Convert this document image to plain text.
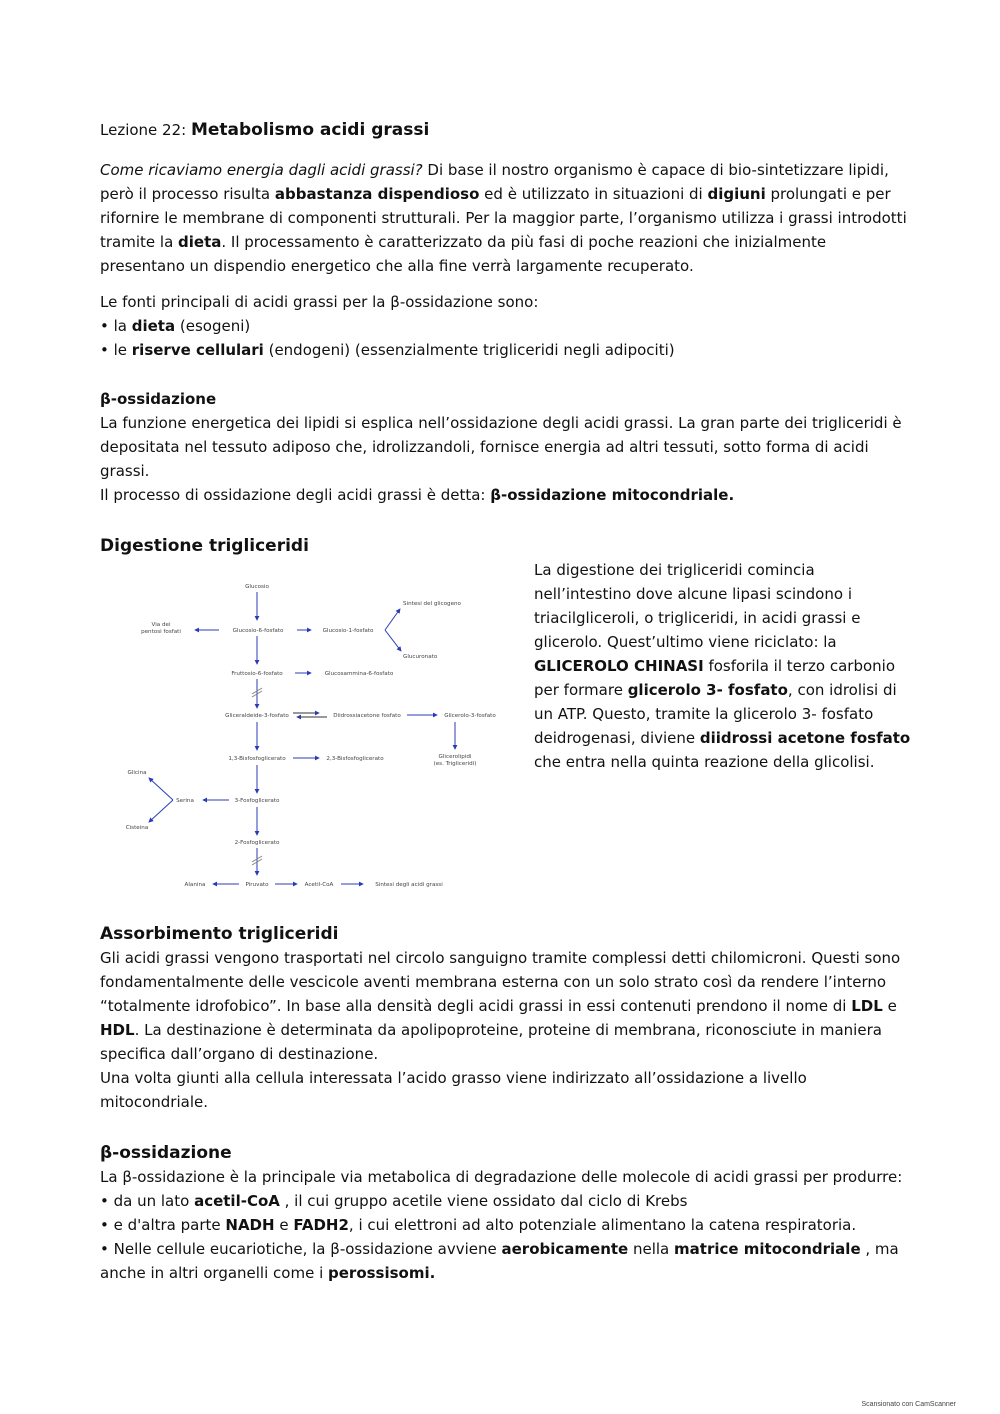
Lezione 22: Metabolismo acidi grassi

Come ricaviamo energia dagli acidi grassi? Di base il nostro organismo è capace di bio-sintetizzare lipidi, però il processo risulta abbastanza dispendioso ed è utilizzato in situazioni di digiuni prolungati e per rifornire le membrane di componenti strutturali. Per la maggior parte, l’organismo utilizza i grassi introdotti tramite la dieta. Il processamento è caratterizzato da più fasi di poche reazioni che inizialmente presentano un dispendio energetico che alla fine verrà largamente recuperato.

Le fonti principali di acidi grassi per la β-ossidazione sono:

• la dieta (esogeni)

• le riserve cellulari (endogeni) (essenzialmente trigliceridi negli adipociti)

β-ossidazione

La funzione energetica dei lipidi si esplica nell’ossidazione degli acidi grassi. La gran parte dei trigliceridi è depositata nel tessuto adiposo che, idrolizzandoli, fornisce energia ad altri tessuti, sotto forma di acidi grassi.

Il processo di ossidazione degli acidi grassi è detta: β-ossidazione mitocondriale.

Digestione trigliceridi
Glucosio
Glucosio-6-fosfato	Glucosio-1-fosfato
Via dei
pentosi fosfati
Sintesi del glicogeno
Glucuronato
Fruttosio-6-fosfato	Glucosammina-6-fosfato
Gliceraldeide-3-fosfato	Diidrossiacetone fosfato	Glicerolo-3-fosfato
1,3-Bisfosfoglicerato	2,3-Bisfosfoglicerato	Glicerolipidi
(es. Trigliceridi)
Glicina
Serina	3-Fosfoglicerato
Cisteina
2-Fosfoglicerato
Alanina	Piruvato	Acetil-CoA	Sintesi degli acidi grassi

La digestione dei trigliceridi comincia nell’intestino dove alcune lipasi scindono i triacilgliceroli, o trigliceridi, in acidi grassi e glicerolo. Quest’ultimo viene riciclato: la GLICEROLO CHINASI fosforila il terzo carbonio per formare glicerolo 3- fosfato, con idrolisi di un ATP. Questo, tramite la glicerolo 3- fosfato deidrogenasi, diviene diidrossi acetone fosfato che entra nella quinta reazione della glicolisi.

Assorbimento trigliceridi

Gli acidi grassi vengono trasportati nel circolo sanguigno tramite complessi detti chilomicroni. Questi sono fondamentalmente delle vescicole aventi membrana esterna con un solo strato così da rendere l’interno “totalmente idrofobico”. In base alla densità degli acidi grassi in essi contenuti prendono il nome di LDL e HDL. La destinazione è determinata da apolipoproteine, proteine di membrana, riconosciute in maniera specifica dall’organo di destinazione.

Una volta giunti alla cellula interessata l’acido grasso viene indirizzato all’ossidazione a livello mitocondriale.

β-ossidazione

La β-ossidazione è la principale via metabolica di degradazione delle molecole di acidi grassi per produrre:

• da un lato acetil-CoA , il cui gruppo acetile viene ossidato dal ciclo di Krebs

• e d'altra parte NADH e FADH2, i cui elettroni ad alto potenziale alimentano la catena respiratoria.

• Nelle cellule eucariotiche, la β-ossidazione avviene aerobicamente nella matrice mitocondriale , ma anche in altri organelli come i perossisomi.

Scansionato con CamScanner
